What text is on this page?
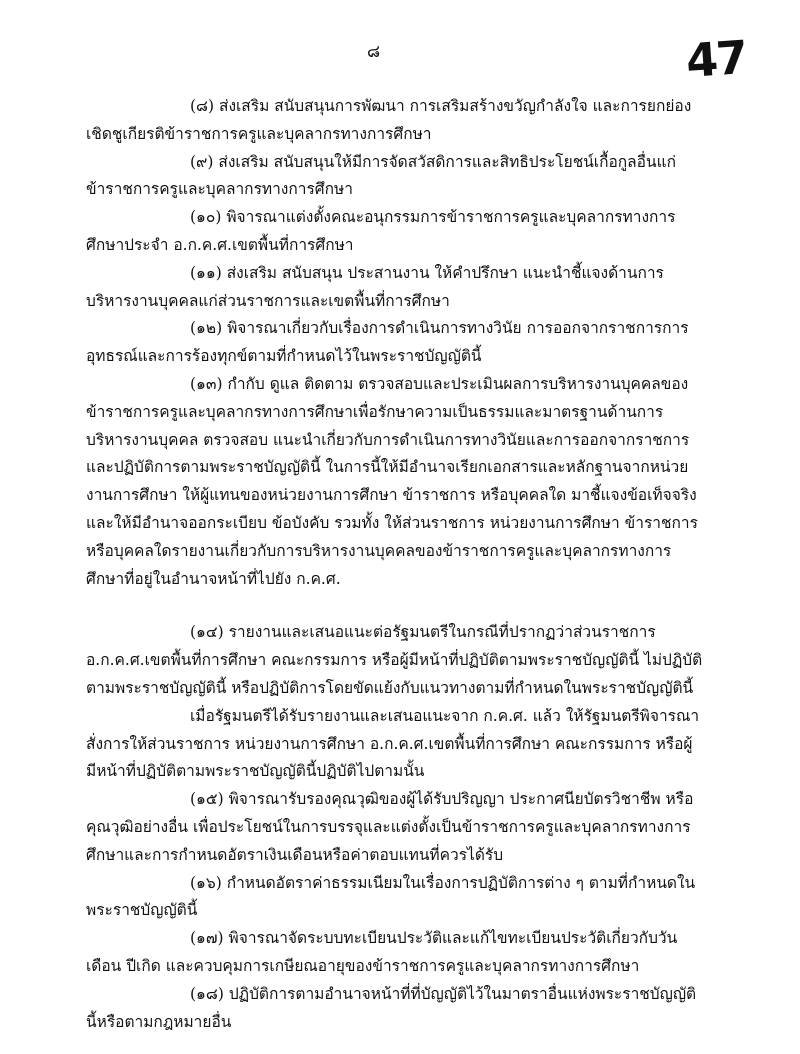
๘	47

(๘) ส่งเสริม สนับสนุนการพัฒนา การเสริมสร้างขวัญกำลังใจ และการยกย่องเชิดชูเกียรติข้าราชการครูและบุคลากรทางการศึกษา

(๙) ส่งเสริม สนับสนุนให้มีการจัดสวัสดิการและสิทธิประโยชน์เกื้อกูลอื่นแก่ข้าราชการครูและบุคลากรทางการศึกษา

(๑๐) พิจารณาแต่งตั้งคณะอนุกรรมการข้าราชการครูและบุคลากรทางการศึกษาประจำ อ.ก.ค.ศ.เขตพื้นที่การศึกษา

(๑๑) ส่งเสริม สนับสนุน ประสานงาน ให้คำปรึกษา แนะนำชี้แจงด้านการบริหารงานบุคคลแก่ส่วนราชการและเขตพื้นที่การศึกษา

(๑๒) พิจารณาเกี่ยวกับเรื่องการดำเนินการทางวินัย การออกจากราชการการอุทธรณ์และการร้องทุกข์ตามที่กำหนดไว้ในพระราชบัญญัตินี้

(๑๓) กำกับ ดูแล ติดตาม ตรวจสอบและประเมินผลการบริหารงานบุคคลของข้าราชการครูและบุคลากรทางการศึกษาเพื่อรักษาความเป็นธรรมและมาตรฐานด้านการบริหารงานบุคคล ตรวจสอบ แนะนำเกี่ยวกับการดำเนินการทางวินัยและการออกจากราชการ และปฏิบัติการตามพระราชบัญญัตินี้ ในการนี้ให้มีอำนาจเรียกเอกสารและหลักฐานจากหน่วยงานการศึกษา ให้ผู้แทนของหน่วยงานการศึกษา ข้าราชการ หรือบุคคลใด มาชี้แจงข้อเท็จจริง และให้มีอำนาจออกระเบียบ ข้อบังคับ รวมทั้ง ให้ส่วนราชการ หน่วยงานการศึกษา ข้าราชการ หรือบุคคลใดรายงานเกี่ยวกับการบริหารงานบุคคลของข้าราชการครูและบุคลากรทางการศึกษาที่อยู่ในอำนาจหน้าที่ไปยัง ก.ค.ศ.

(๑๔) รายงานและเสนอแนะต่อรัฐมนตรีในกรณีที่ปรากฏว่าส่วนราชการ อ.ก.ค.ศ.เขตพื้นที่การศึกษา คณะกรรมการ หรือผู้มีหน้าที่ปฏิบัติตามพระราชบัญญัตินี้ ไม่ปฏิบัติตามพระราชบัญญัตินี้ หรือปฏิบัติการโดยขัดแย้งกับแนวทางตามที่กำหนดในพระราชบัญญัตินี้

เมื่อรัฐมนตรีได้รับรายงานและเสนอแนะจาก ก.ค.ศ. แล้ว ให้รัฐมนตรีพิจารณาสั่งการให้ส่วนราชการ หน่วยงานการศึกษา อ.ก.ค.ศ.เขตพื้นที่การศึกษา คณะกรรมการ หรือผู้มีหน้าที่ปฏิบัติตามพระราชบัญญัตินี้ปฏิบัติไปตามนั้น

(๑๕) พิจารณารับรองคุณวุฒิของผู้ได้รับปริญญา ประกาศนียบัตรวิชาชีพ หรือคุณวุฒิอย่างอื่น เพื่อประโยชน์ในการบรรจุและแต่งตั้งเป็นข้าราชการครูและบุคลากรทางการศึกษาและการกำหนดอัตราเงินเดือนหรือค่าตอบแทนที่ควรได้รับ

(๑๖) กำหนดอัตราค่าธรรมเนียมในเรื่องการปฏิบัติการต่าง ๆ ตามที่กำหนดในพระราชบัญญัตินี้

(๑๗) พิจารณาจัดระบบทะเบียนประวัติและแก้ไขทะเบียนประวัติเกี่ยวกับวัน เดือน ปีเกิด และควบคุมการเกษียณอายุของข้าราชการครูและบุคลากรทางการศึกษา

(๑๘) ปฏิบัติการตามอำนาจหน้าที่ที่บัญญัติไว้ในมาตราอื่นแห่งพระราชบัญญัตินี้หรือตามกฎหมายอื่น
